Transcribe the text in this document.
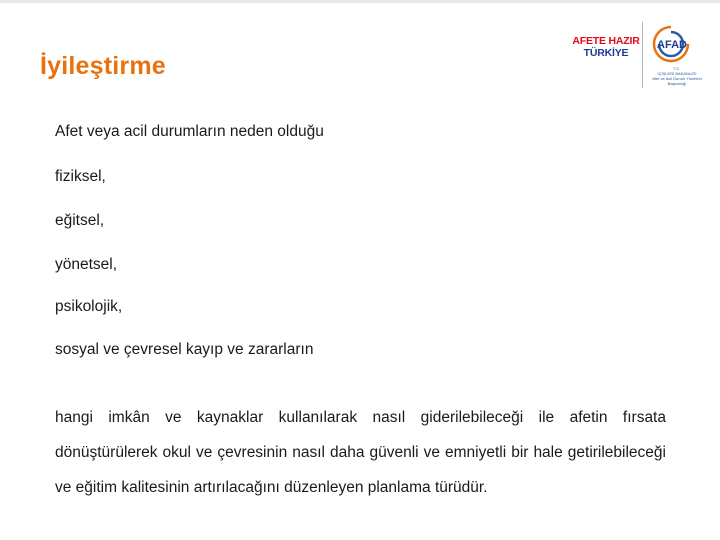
İyileştirme
AFETE HAZIR
TÜRKİYE
AFAD
T.C.
İÇİŞLERİ BAKANLIĞI
Afet ve Acil Durum Yönetimi Başkanlığı

Afet veya acil durumların neden olduğu

fiziksel,

eğitsel,

yönetsel,

psikolojik,

sosyal ve çevresel kayıp ve zararların

hangi imkân ve kaynaklar kullanılarak nasıl giderilebileceği ile afetin fırsata dönüştürülerek okul ve çevresinin nasıl daha güvenli ve emniyetli bir hale getirilebileceği ve eğitim kalitesinin artırılacağını düzenleyen planlama türüdür.
